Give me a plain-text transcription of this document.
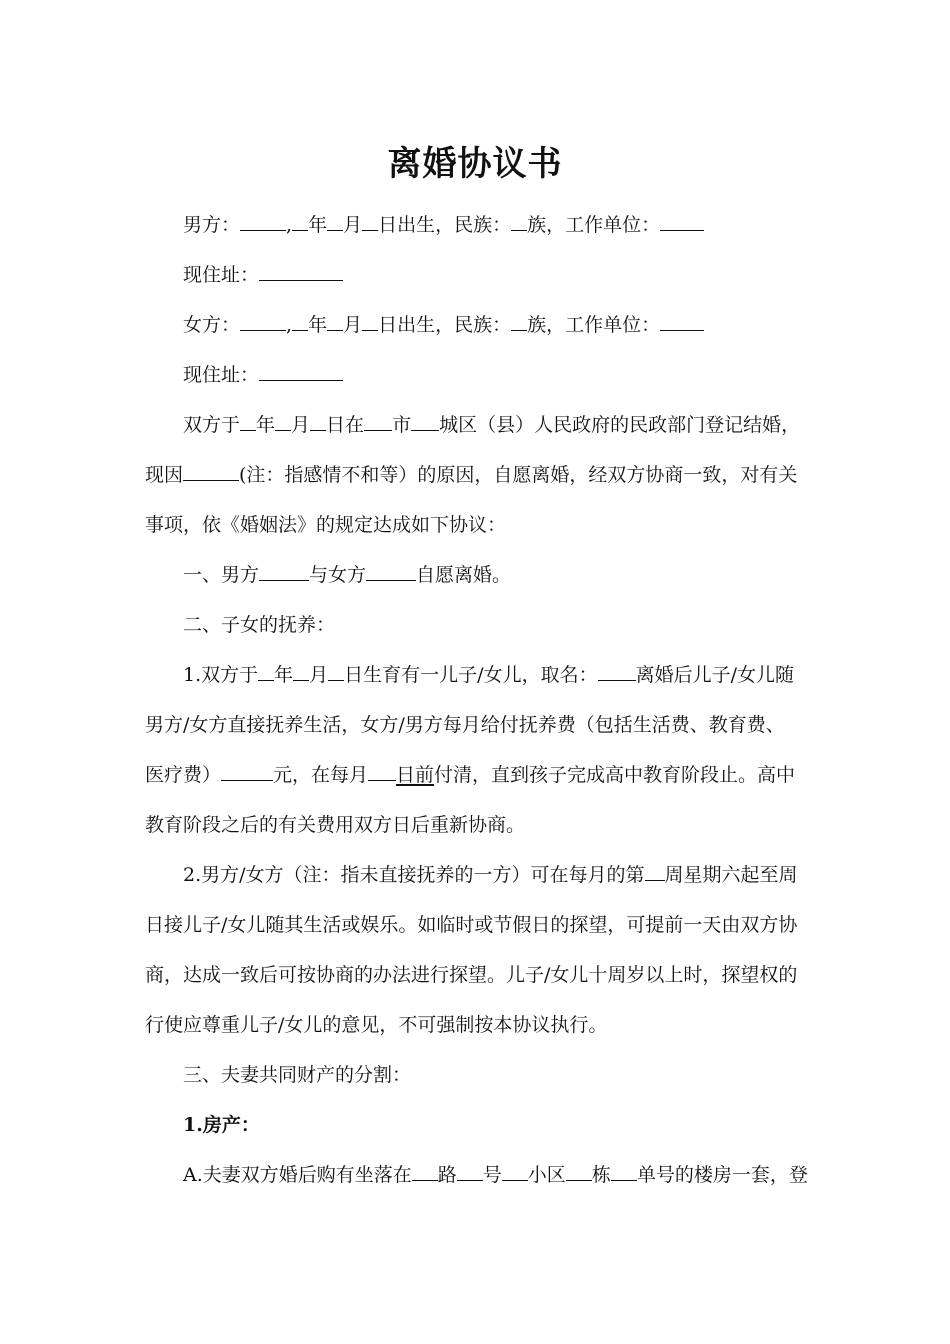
离婚协议书
男方： , 年 月 日出生，民族： 族，工作单位：
现住址：
女方： , 年 月 日出生，民族： 族，工作单位：
现住址：
双方于 年 月 日在 市 城区（县）人民政府的民政部门登记结婚，
现因	(注：指感情不和等）的原因，自愿离婚，经双方协商一致，对有关
事项，依《婚姻法》的规定达成如下协议：
一、男方	与女方	自愿离婚。
二、子女的抚养：
1.双方于 年 月 日生育有一儿子/女儿，取名： 离婚后儿子/女儿随
男方/女方直接抚养生活，女方/男方每月给付抚养费（包括生活费、教育费、
医疗费）	元，在每月 日前付清，直到孩子完成高中教育阶段止。高中
教育阶段之后的有关费用双方日后重新协商。
2.男方/女方（注：指未直接抚养的一方）可在每月的第 周星期六起至周
日接儿子/女儿随其生活或娱乐。如临时或节假日的探望，可提前一天由双方协
商，达成一致后可按协商的办法进行探望。儿子/女儿十周岁以上时，探望权的
行使应尊重儿子/女儿的意见，不可强制按本协议执行。
三、夫妻共同财产的分割：
1.房产：
A.夫妻双方婚后购有坐落在 路 号 小区 栋 单号的楼房一套，登
